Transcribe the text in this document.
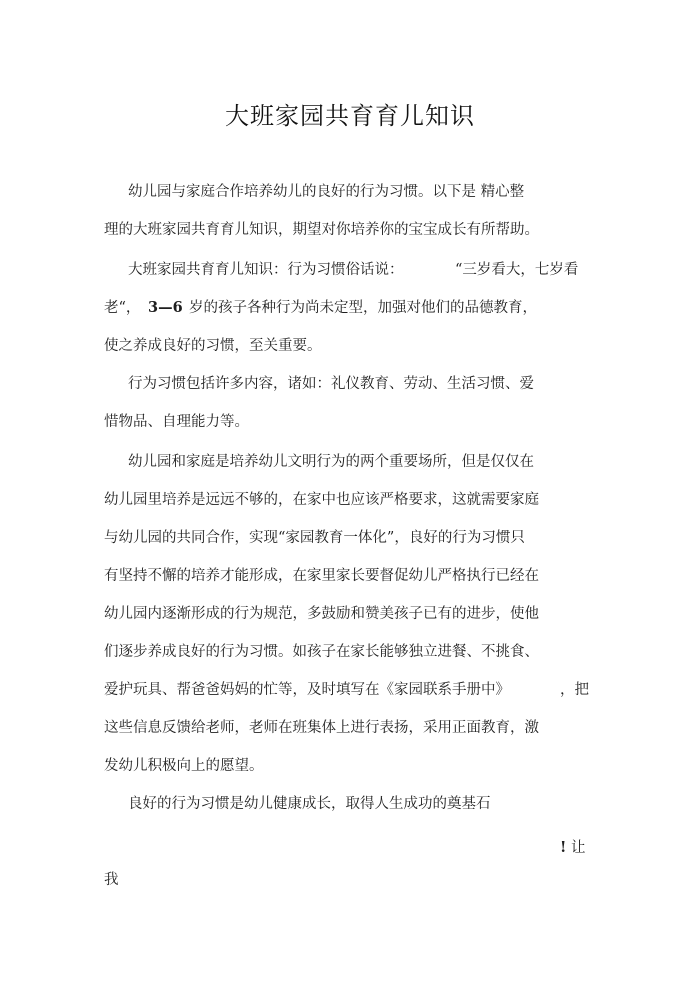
大班家园共育育儿知识
幼儿园与家庭合作培养幼儿的良好的行为习惯。以下是 精心整
理的大班家园共育育儿知识，期望对你培养你的宝宝成长有所帮助。
大班家园共育育儿知识：行为习惯俗话说：	“三岁看大，七岁看
老“， 3—6 岁的孩子各种行为尚未定型，加强对他们的品德教育，
使之养成良好的习惯，至关重要。
行为习惯包括许多内容，诸如：礼仪教育、劳动、生活习惯、爱
惜物品、自理能力等。
幼儿园和家庭是培养幼儿文明行为的两个重要场所，但是仅仅在
幼儿园里培养是远远不够的，在家中也应该严格要求，这就需要家庭
与幼儿园的共同合作，实现“家园教育一体化”，良好的行为习惯只
有坚持不懈的培养才能形成，在家里家长要督促幼儿严格执行已经在
幼儿园内逐渐形成的行为规范，多鼓励和赞美孩子已有的进步，使他
们逐步养成良好的行为习惯。如孩子在家长能够独立进餐、不挑食、
爱护玩具、帮爸爸妈妈的忙等，及时填写在《家园联系手册中》	，把
这些信息反馈给老师，老师在班集体上进行表扬，采用正面教育，激
发幼儿积极向上的愿望。
良好的行为习惯是幼儿健康成长，取得人生成功的奠基石
! 让
我
